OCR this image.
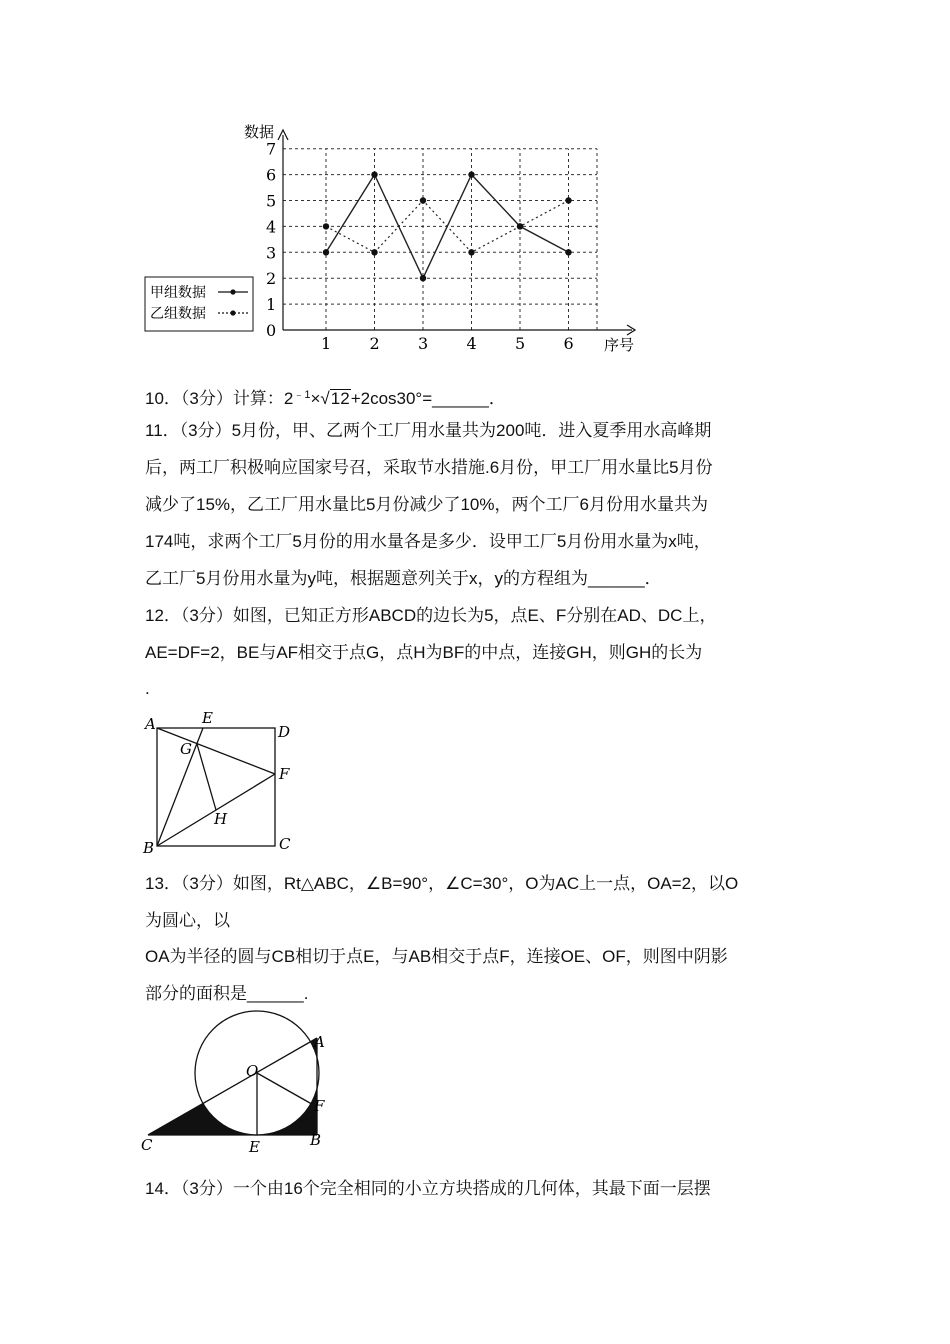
数据
序号
0
1
2
3
4
5
6
7
1 2 3 4 5 6
甲组数据
乙组数据
10．（3分）计算：$2^{﹣1}\times√12+2\cos 30^\circ=\_\_\_\_\_\_$．
11．（3分）5月份，甲、乙两个工厂用水量共为200吨．进入夏季用水高峰期
后，两工厂积极响应国家号召，采取节水措施.6月份，甲工厂用水量比5月份
减少了15%，乙工厂用水量比5月份减少了10%，两个工厂6月份用水量共为
174吨，求两个工厂5月份的用水量各是多少．设甲工厂5月份用水量为x吨，
乙工厂5月份用水量为y吨，根据题意列关于x，y的方程组为______．
12．（3分）如图，已知正方形ABCD的边长为5，点E、F分别在AD、DC上，
AE=DF=2，BE与AF相交于点G，点H为BF的中点，连接GH，则GH的长为
.
A	E
D
G
F
H
B	C
13．（3分）如图，Rt△ABC，∠B=90°，∠C=30°，O为AC上一点，OA=2，以O
为圆心，以
OA为半径的圆与CB相切于点E，与AB相交于点F，连接OE、OF，则图中阴影
部分的面积是______.
A
O
F
C	E	B
14．（3分）一个由16个完全相同的小立方块搭成的几何体，其最下面一层摆
